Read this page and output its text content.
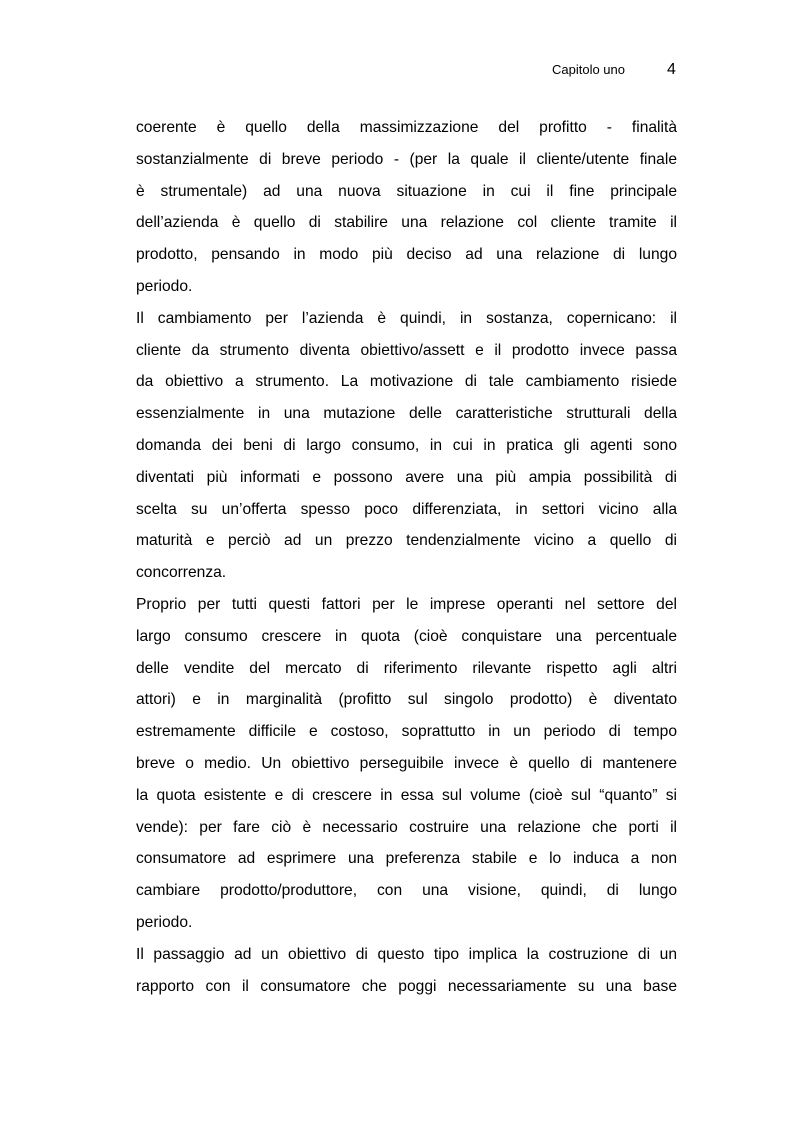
Capitolo uno	4
coerente è quello della massimizzazione del profitto - finalità
sostanzialmente di breve periodo - (per la quale il cliente/utente finale
è strumentale) ad una nuova situazione in cui il fine principale
dell’azienda è quello di stabilire una relazione col cliente tramite il
prodotto, pensando in modo più deciso ad una relazione di lungo
periodo.
Il cambiamento per l’azienda è quindi, in sostanza, copernicano: il
cliente da strumento diventa obiettivo/assett e il prodotto invece passa
da obiettivo a strumento. La motivazione di tale cambiamento risiede
essenzialmente in una mutazione delle caratteristiche strutturali della
domanda dei beni di largo consumo, in cui in pratica gli agenti sono
diventati più informati e possono avere una più ampia possibilità di
scelta su un’offerta spesso poco differenziata, in settori vicino alla
maturità e perciò ad un prezzo tendenzialmente vicino a quello di
concorrenza.
Proprio per tutti questi fattori per le imprese operanti nel settore del
largo consumo crescere in quota (cioè conquistare una percentuale
delle vendite del mercato di riferimento rilevante rispetto agli altri
attori) e in marginalità (profitto sul singolo prodotto) è diventato
estremamente difficile e costoso, soprattutto in un periodo di tempo
breve o medio. Un obiettivo perseguibile invece è quello di mantenere
la quota esistente e di crescere in essa sul volume (cioè sul “quanto” si
vende): per fare ciò è necessario costruire una relazione che porti il
consumatore ad esprimere una preferenza stabile e lo induca a non
cambiare prodotto/produttore, con una visione, quindi, di lungo
periodo.
Il passaggio ad un obiettivo di questo tipo implica la costruzione di un
rapporto con il consumatore che poggi necessariamente su una base
